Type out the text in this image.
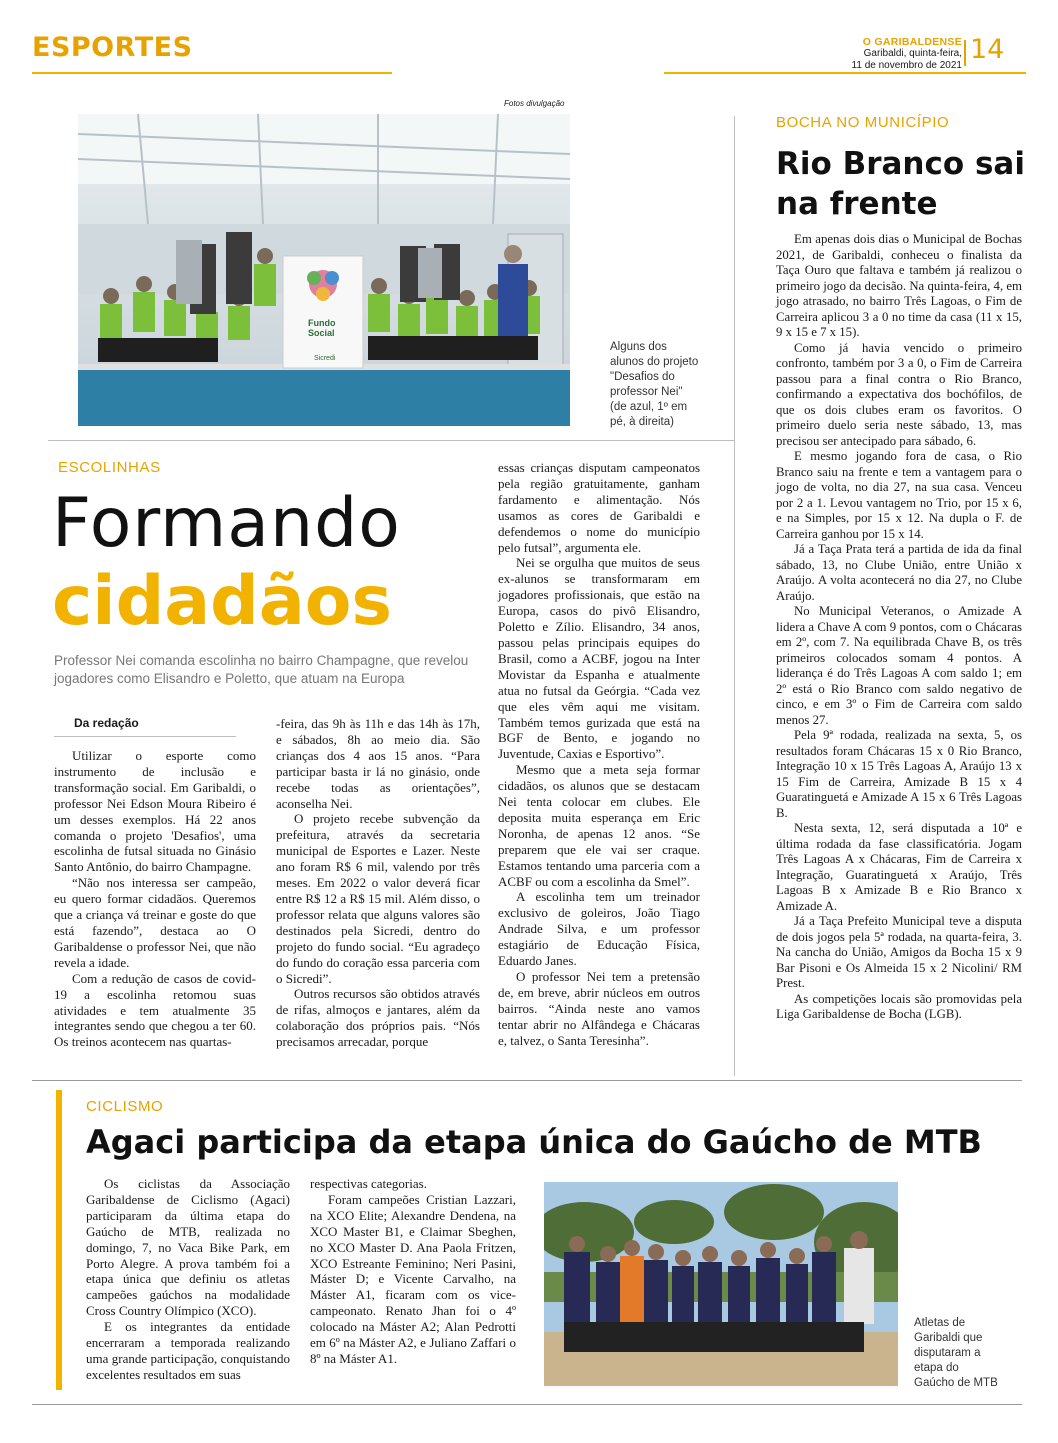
ESPORTES	O GARIBALDENSE
Garibaldi, quinta-feira,
11 de novembro de 2021
14
Fotos divulgação
Fundo
Social
Sicredi
Alguns dos alunos do projeto "Desafios do professor Nei" (de azul, 1º em pé, à direita)
ESCOLINHAS
Formando
cidadãos
Professor Nei comanda escolinha no bairro Champagne, que revelou jogadores como Elisandro e Poletto, que atuam na Europa
Da redação

Utilizar o esporte como instrumento de inclusão e transformação social. Em Garibaldi, o professor Nei Edson Moura Ribeiro é um desses exemplos. Há 22 anos comanda o projeto 'Desafios', uma escolinha de futsal situada no Ginásio Santo Antônio, do bairro Champagne.

“Não nos interessa ser campeão, eu quero formar cidadãos. Queremos que a criança vá treinar e goste do que está fazendo”, destaca ao O Garibaldense o professor Nei, que não revela a idade.

Com a redução de casos de covid-19 a escolinha retomou suas atividades e tem atualmente 35 integrantes sendo que chegou a ter 60. Os treinos acontecem nas quartas-

-feira, das 9h às 11h e das 14h às 17h, e sábados, 8h ao meio dia. São crianças dos 4 aos 15 anos. “Para participar basta ir lá no ginásio, onde recebe todas as orientações”, aconselha Nei.

O projeto recebe subvenção da prefeitura, através da secretaria municipal de Esportes e Lazer. Neste ano foram R$ 6 mil, valendo por três meses. Em 2022 o valor deverá ficar entre R$ 12 a R$ 15 mil. Além disso, o professor relata que alguns valores são destinados pela Sicredi, dentro do projeto do fundo social. “Eu agradeço do fundo do coração essa parceria com o Sicredi”.

Outros recursos são obtidos através de rifas, almoços e jantares, além da colaboração dos próprios pais. “Nós precisamos arrecadar, porque

essas crianças disputam campeonatos pela região gratuitamente, ganham fardamento e alimentação. Nós usamos as cores de Garibaldi e defendemos o nome do município pelo futsal”, argumenta ele.

Nei se orgulha que muitos de seus ex-alunos se transformaram em jogadores profissionais, que estão na Europa, casos do pivô Elisandro, Poletto e Zílio. Elisandro, 34 anos, passou pelas principais equipes do Brasil, como a ACBF, jogou na Inter Movistar da Espanha e atualmente atua no futsal da Geórgia. “Cada vez que eles vêm aqui me visitam. Também temos gurizada que está na BGF de Bento, e jogando no Juventude, Caxias e Esportivo”.

Mesmo que a meta seja formar cidadãos, os alunos que se destacam Nei tenta colocar em clubes. Ele deposita muita esperança em Eric Noronha, de apenas 12 anos. “Se preparem que ele vai ser craque. Estamos tentando uma parceria com a ACBF ou com a escolinha da Smel”.

A escolinha tem um treinador exclusivo de goleiros, João Tiago Andrade Silva, e um professor estagiário de Educação Física, Eduardo Janes.

O professor Nei tem a pretensão de, em breve, abrir núcleos em outros bairros. “Ainda neste ano vamos tentar abrir no Alfândega e Chácaras e, talvez, o Santa Teresinha”.

BOCHA NO MUNICÍPIO
Rio Branco sai
na frente

Em apenas dois dias o Municipal de Bochas 2021, de Garibaldi, conheceu o finalista da Taça Ouro que faltava e também já realizou o primeiro jogo da decisão. Na quinta-feira, 4, em jogo atrasado, no bairro Três Lagoas, o Fim de Carreira aplicou 3 a 0 no time da casa (11 x 15, 9 x 15 e 7 x 15).

Como já havia vencido o primeiro confronto, também por 3 a 0, o Fim de Carreira passou para a final contra o Rio Branco, confirmando a expectativa dos bochófilos, de que os dois clubes eram os favoritos. O primeiro duelo seria neste sábado, 13, mas precisou ser antecipado para sábado, 6.

E mesmo jogando fora de casa, o Rio Branco saiu na frente e tem a vantagem para o jogo de volta, no dia 27, na sua casa. Venceu por 2 a 1. Levou vantagem no Trio, por 15 x 6, e na Simples, por 15 x 12. Na dupla o F. de Carreira ganhou por 15 x 14.

Já a Taça Prata terá a partida de ida da final sábado, 13, no Clube União, entre União x Araújo. A volta acontecerá no dia 27, no Clube Araújo.

No Municipal Veteranos, o Amizade A lidera a Chave A com 9 pontos, com o Chácaras em 2º, com 7. Na equilibrada Chave B, os três primeiros colocados somam 4 pontos. A liderança é do Três Lagoas A com saldo 1; em 2º está o Rio Branco com saldo negativo de cinco, e em 3º o Fim de Carreira com saldo menos 27.

Pela 9ª rodada, realizada na sexta, 5, os resultados foram Chácaras 15 x 0 Rio Branco, Integração 10 x 15 Três Lagoas A, Araújo 13 x 15 Fim de Carreira, Amizade B 15 x 4 Guaratinguetá e Amizade A 15 x 6 Três Lagoas B.

Nesta sexta, 12, será disputada a 10ª e última rodada da fase classificatória. Jogam Três Lagoas A x Chácaras, Fim de Carreira x Integração, Guaratinguetá x Araújo, Três Lagoas B x Amizade B e Rio Branco x Amizade A.

Já a Taça Prefeito Municipal teve a disputa de dois jogos pela 5ª rodada, na quarta-feira, 3. Na cancha do União, Amigos da Bocha 15 x 9 Bar Pisoni e Os Almeida 15 x 2 Nicolini/ RM Prest.

As competições locais são promovidas pela Liga Garibaldense de Bocha (LGB).

CICLISMO
Agaci participa da etapa única do Gaúcho de MTB

Os ciclistas da Associação Garibaldense de Ciclismo (Agaci) participaram da última etapa do Gaúcho de MTB, realizada no domingo, 7, no Vaca Bike Park, em Porto Alegre. A prova também foi a etapa única que definiu os atletas campeões gaúchos na modalidade Cross Country Olímpico (XCO).

E os integrantes da entidade encerraram a temporada realizando uma grande participação, conquistando excelentes resultados em suas

respectivas categorias.

Foram campeões Cristian Lazzari, na XCO Elite; Alexandre Dendena, na XCO Master B1, e Claimar Sbeghen, no XCO Master D. Ana Paola Fritzen, XCO Estreante Feminino; Neri Pasini, Máster D; e Vicente Carvalho, na Máster A1, ficaram com os vice-campeonato. Renato Jhan foi o 4º colocado na Máster A2; Alan Pedrotti em 6º na Máster A2, e Juliano Zaffari o 8º na Máster A1.

Atletas de Garibaldi que disputaram a etapa do Gaúcho de MTB
